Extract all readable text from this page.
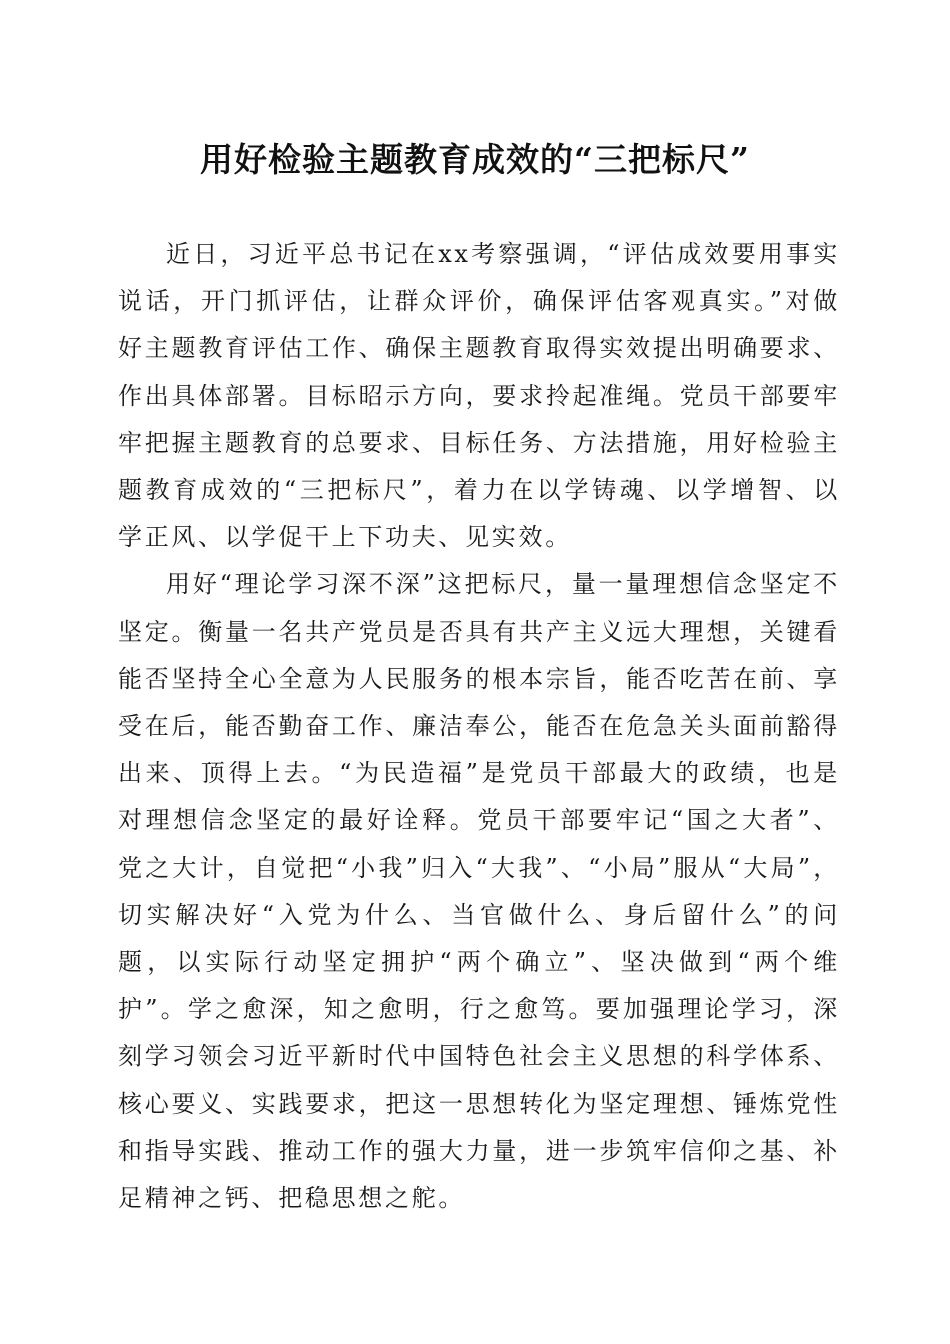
用好检验主题教育成效的“三把标尺”

近日，习近平总书记在xx考察强调，“评估成效要用事实说话，开门抓评估，让群众评价，确保评估客观真实。”对做好主题教育评估工作、确保主题教育取得实效提出明确要求、作出具体部署。目标昭示方向，要求拎起准绳。党员干部要牢牢把握主题教育的总要求、目标任务、方法措施，用好检验主题教育成效的“三把标尺”，着力在以学铸魂、以学增智、以学正风、以学促干上下功夫、见实效。

用好“理论学习深不深”这把标尺，量一量理想信念坚定不坚定。衡量一名共产党员是否具有共产主义远大理想，关键看能否坚持全心全意为人民服务的根本宗旨，能否吃苦在前、享受在后，能否勤奋工作、廉洁奉公，能否在危急关头面前豁得出来、顶得上去。“为民造福”是党员干部最大的政绩，也是对理想信念坚定的最好诠释。党员干部要牢记“国之大者”、党之大计，自觉把“小我”归入“大我”、“小局”服从“大局”，切实解决好“入党为什么、当官做什么、身后留什么”的问题，以实际行动坚定拥护“两个确立”、坚决做到“两个维护”。学之愈深，知之愈明，行之愈笃。要加强理论学习，深刻学习领会习近平新时代中国特色社会主义思想的科学体系、核心要义、实践要求，把这一思想转化为坚定理想、锤炼党性和指导实践、推动工作的强大力量，进一步筑牢信仰之基、补足精神之钙、把稳思想之舵。
